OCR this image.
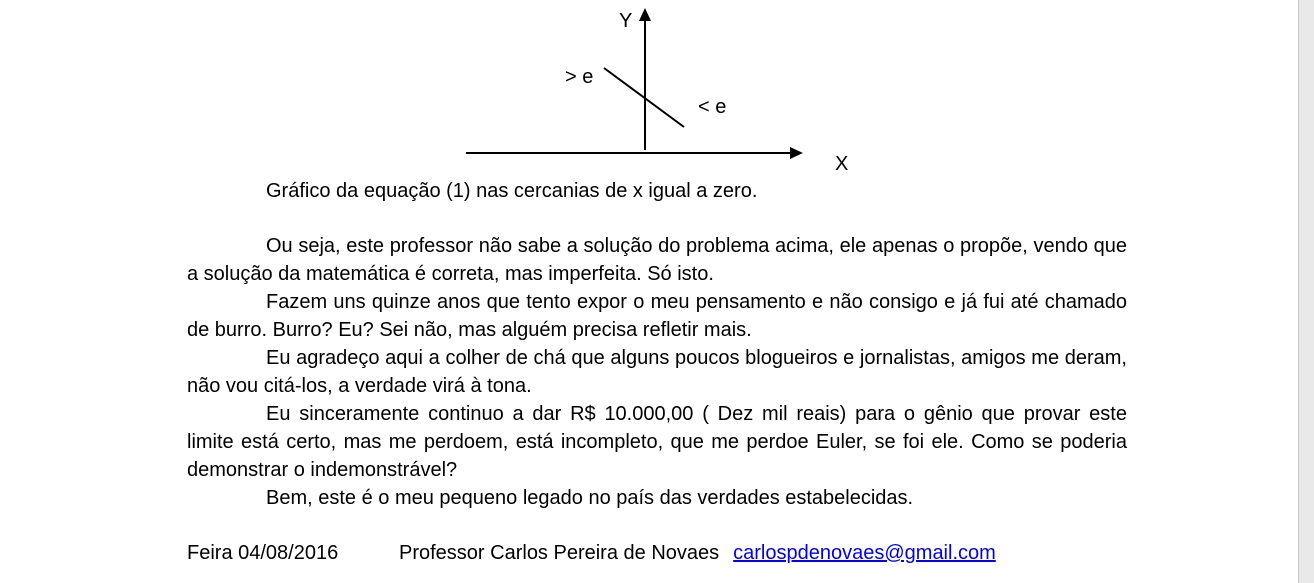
Y
X
> e
< e
Gráfico da equação (1) nas cercanias de x igual a zero.

Ou seja, este professor não sabe a solução do problema acima, ele apenas o propõe, vendo que a solução da matemática é correta, mas imperfeita. Só isto.

Fazem uns quinze anos que tento expor o meu pensamento e não consigo e já fui até chamado de burro. Burro? Eu? Sei não, mas alguém precisa refletir mais.

Eu agradeço aqui a colher de chá que alguns poucos blogueiros e jornalistas, amigos me deram, não vou citá-los, a verdade virá à tona.

Eu sinceramente continuo a dar R$ 10.000,00 ( Dez mil reais) para o gênio que provar este limite está certo, mas me perdoem, está incompleto, que me perdoe Euler, se foi ele. Como se poderia demonstrar o indemonstrável?

Bem, este é o meu pequeno legado no país das verdades estabelecidas.

Feira 04/08/2016	Professor Carlos Pereira de Novaes carlospdenovaes@gmail.com
